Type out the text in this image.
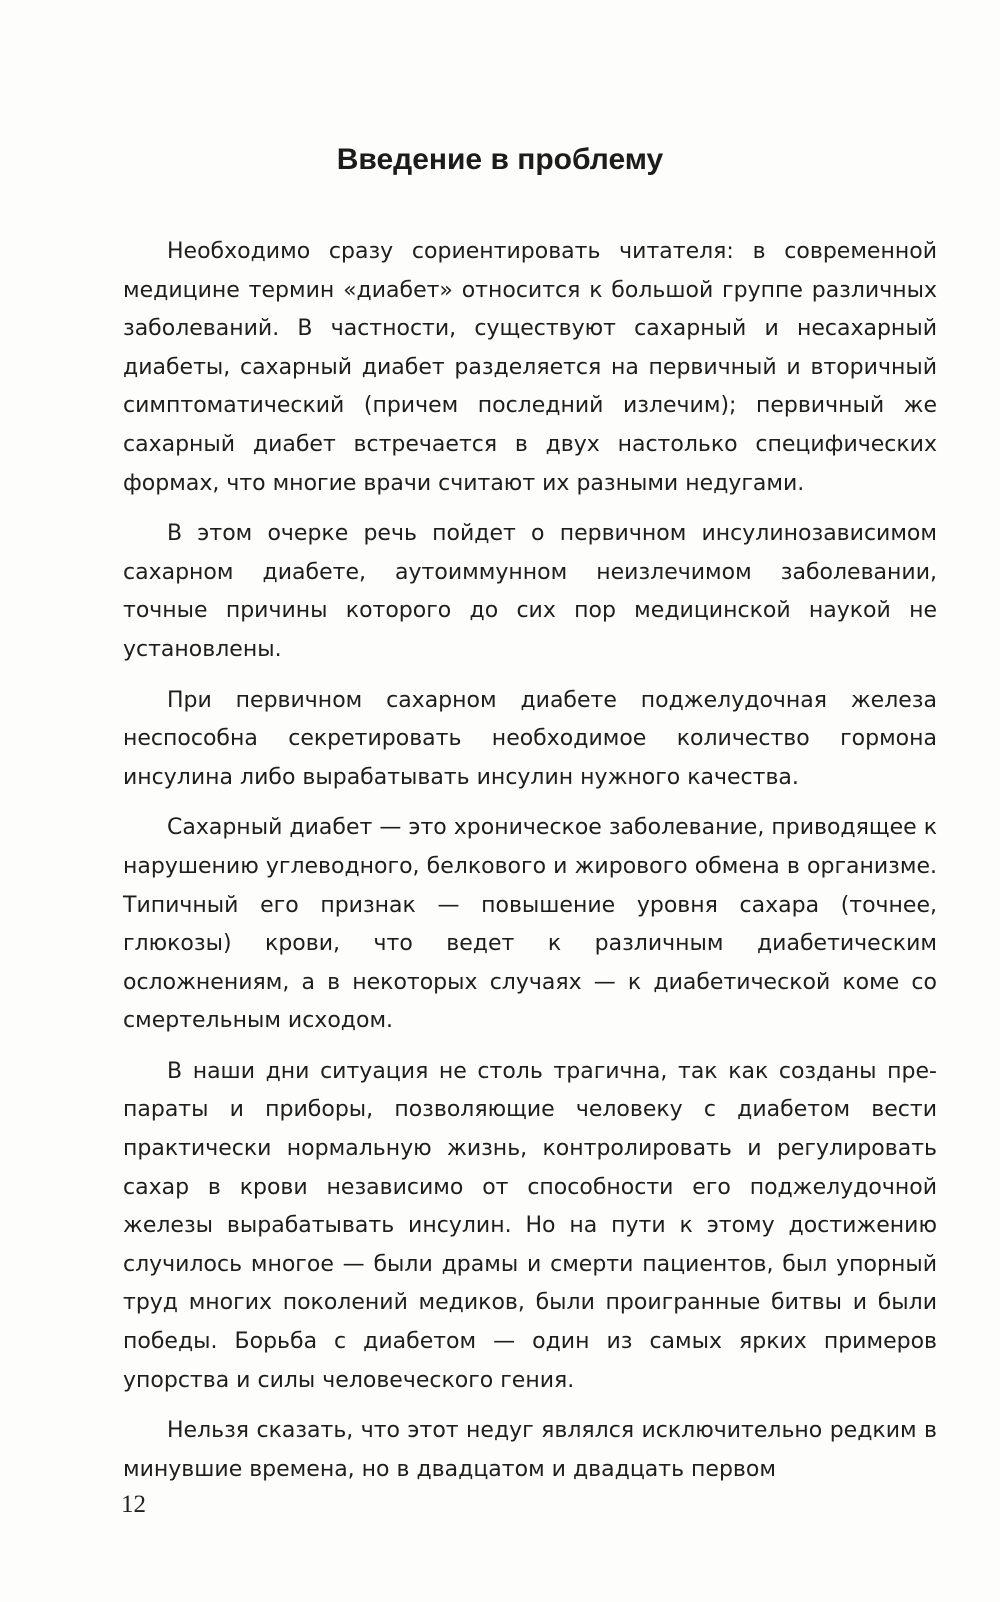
Введение в проблему

Необходимо сразу сориентировать читателя: в современной медицине термин «диабет» относится к большой группе различных заболеваний. В частности, существуют сахарный и несахарный диабеты, сахарный диабет разделяется на первичный и вторичный симптоматический (причем последний излечим); первичный же сахарный диабет встречается в двух настолько специфических формах, что многие врачи считают их разными недугами.

В этом очерке речь пойдет о первичном инсулинозависимом сахарном диабете, аутоиммунном неизлечимом заболевании, точные причины которого до сих пор медицинской наукой не установлены.

При первичном сахарном диабете поджелудочная железа неспособна секретировать необходимое количество гормона инсулина либо вырабатывать инсулин нужного качества.

Сахарный диабет — это хроническое заболевание, приводящее к нарушению углеводного, белкового и жирового обмена в организме. Типичный его признак — повышение уровня сахара (точнее, глюкозы) крови, что ведет к различным диабетическим осложнениям, а в некоторых случаях — к диабетической коме со смертельным исходом.

В наши дни ситуация не столь трагична, так как созданы препараты и приборы, позволяющие человеку с диабетом вести практически нормальную жизнь, контролировать и регулировать сахар в крови независимо от способности его поджелудочной железы вырабатывать инсулин. Но на пути к этому достижению случилось многое — были драмы и смерти пациентов, был упорный труд многих поколений медиков, были проигранные битвы и были победы. Борьба с диабетом — один из самых ярких примеров упорства и силы человеческого гения.

Нельзя сказать, что этот недуг являлся исключительно редким в минувшие времена, но в двадцатом и двадцать первом

12
